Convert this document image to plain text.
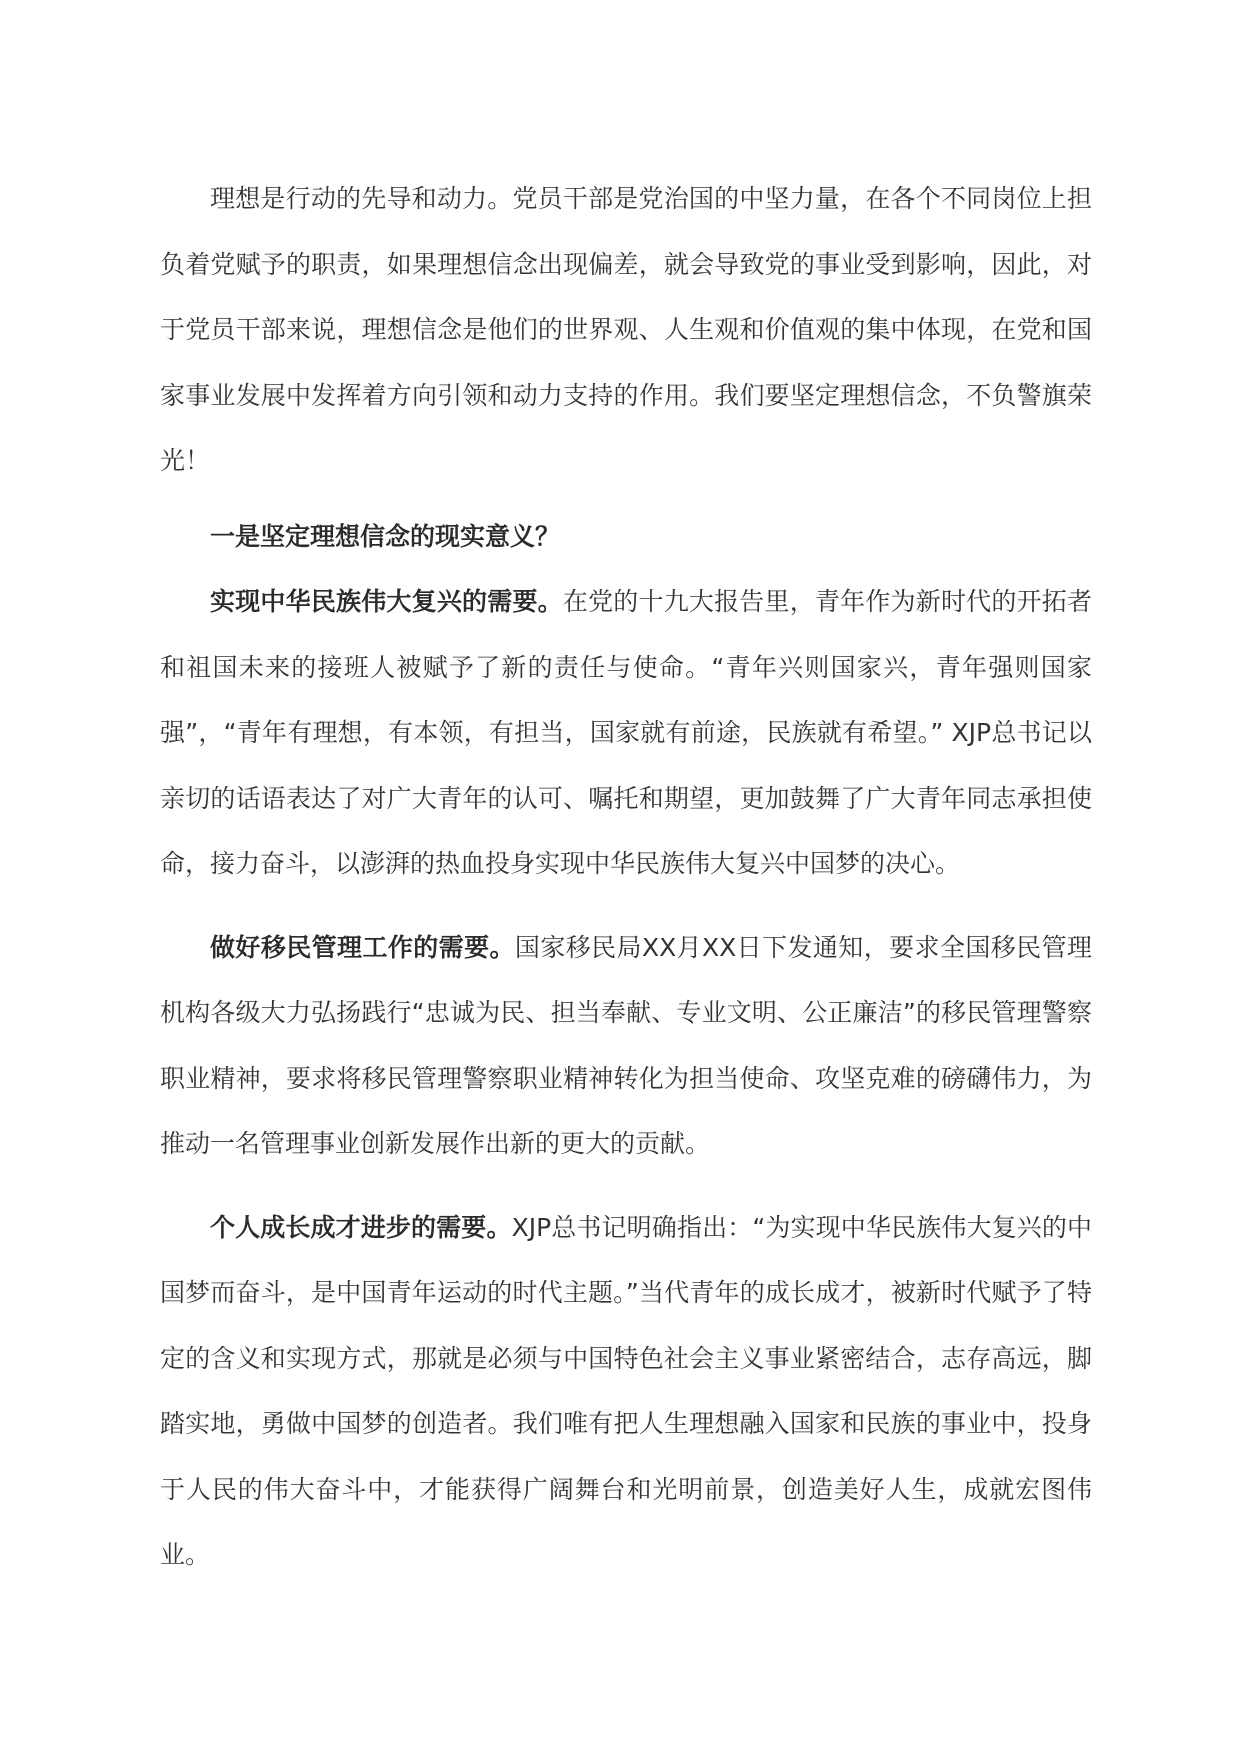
理想是行动的先导和动力。党员干部是党治国的中坚力量，在各个不同岗位上担负着党赋予的职责，如果理想信念出现偏差，就会导致党的事业受到影响，因此，对于党员干部来说，理想信念是他们的世界观、人生观和价值观的集中体现，在党和国家事业发展中发挥着方向引领和动力支持的作用。我们要坚定理想信念，不负警旗荣光！

一是坚定理想信念的现实意义？

实现中华民族伟大复兴的需要。在党的十九大报告里，青年作为新时代的开拓者和祖国未来的接班人被赋予了新的责任与使命。“青年兴则国家兴，青年强则国家强”，“青年有理想，有本领，有担当，国家就有前途，民族就有希望。” XJP总书记以亲切的话语表达了对广大青年的认可、嘱托和期望，更加鼓舞了广大青年同志承担使命，接力奋斗，以澎湃的热血投身实现中华民族伟大复兴中国梦的决心。

做好移民管理工作的需要。国家移民局XX月XX日下发通知，要求全国移民管理机构各级大力弘扬践行“忠诚为民、担当奉献、专业文明、公正廉洁”的移民管理警察职业精神，要求将移民管理警察职业精神转化为担当使命、攻坚克难的磅礴伟力，为推动一名管理事业创新发展作出新的更大的贡献。

个人成长成才进步的需要。XJP总书记明确指出：“为实现中华民族伟大复兴的中国梦而奋斗，是中国青年运动的时代主题。”当代青年的成长成才，被新时代赋予了特定的含义和实现方式，那就是必须与中国特色社会主义事业紧密结合，志存高远，脚踏实地，勇做中国梦的创造者。我们唯有把人生理想融入国家和民族的事业中，投身于人民的伟大奋斗中，才能获得广阔舞台和光明前景，创造美好人生，成就宏图伟业。
